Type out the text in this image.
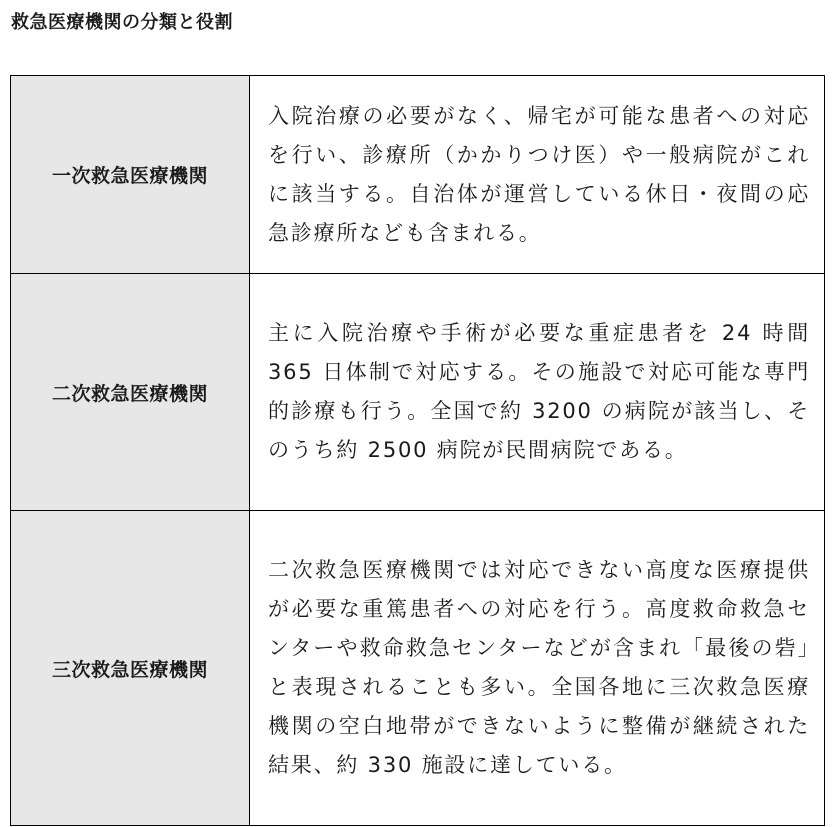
救急医療機関の分類と役割
一次救急医療機関	入院治療の必要がなく、帰宅が可能な患者への対応を行い、診療所（かかりつけ医）や一般病院がこれに該当する。自治体が運営している休日・夜間の応急診療所なども含まれる。
二次救急医療機関	主に入院治療や手術が必要な重症患者を 24 時間 365 日体制で対応する。その施設で対応可能な専門的診療も行う。全国で約 3200 の病院が該当し、そのうち約 2500 病院が民間病院である。
三次救急医療機関	二次救急医療機関では対応できない高度な医療提供が必要な重篤患者への対応を行う。高度救命救急センターや救命救急センターなどが含まれ「最後の砦」と表現されることも多い。全国各地に三次救急医療機関の空白地帯ができないように整備が継続された結果、約 330 施設に達している。
